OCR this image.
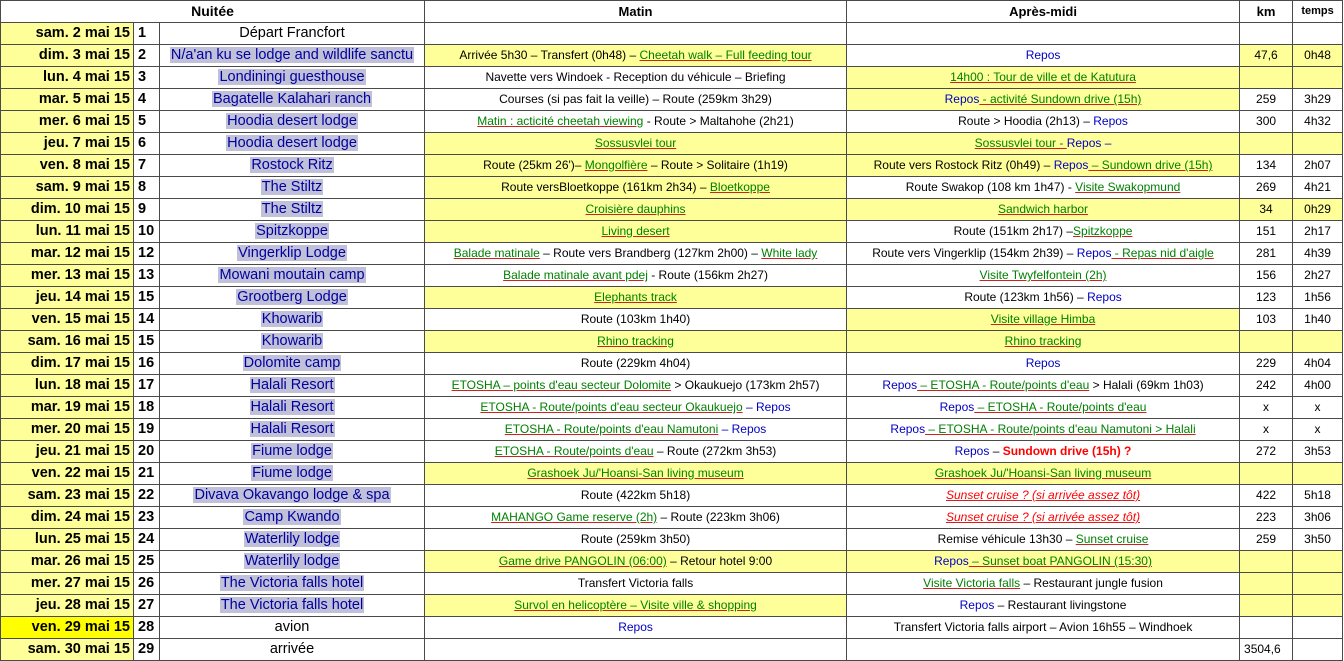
Nuitée			Matin	Après-midi	km	temps
sam. 2 mai 15	1	Départ Francfort				
dim. 3 mai 15	2	N/a'an ku se lodge and wildlife sanctu	Arrivée 5h30 – Transfert (0h48) – Cheetah walk – Full feeding tour	Repos	47,6	0h48
lun. 4 mai 15	3	Londiningi guesthouse	Navette vers Windoek - Reception du véhicule – Briefing	14h00 : Tour de ville et de Katutura		
mar. 5 mai 15	4	Bagatelle Kalahari ranch	Courses (si pas fait la veille) – Route (259km 3h29)	Repos - activité Sundown drive (15h)	259	3h29
mer. 6 mai 15	5	Hoodia desert lodge	Matin : acticité cheetah viewing - Route > Maltahohe (2h21)	Route > Hoodia (2h13) – Repos	300	4h32
jeu. 7 mai 15	6	Hoodia desert lodge	Sossusvlei tour	Sossusvlei tour - Repos –		
ven. 8 mai 15	7	Rostock Ritz	Route (25km 26')– Mongolfière – Route > Solitaire (1h19)	Route vers Rostock Ritz (0h49) – Repos – Sundown drive (15h)	134	2h07
sam. 9 mai 15	8	The Stiltz	Route versBloetkoppe (161km 2h34) – Bloetkoppe	Route Swakop (108 km 1h47) - Visite Swakopmund	269	4h21
dim. 10 mai 15	9	The Stiltz	Croisière dauphins	Sandwich harbor	34	0h29
lun. 11 mai 15	10	Spitzkoppe	Living desert	Route (151km 2h17) –Spitzkoppe	151	2h17
mar. 12 mai 15	12	Vingerklip Lodge	Balade matinale – Route vers Brandberg (127km 2h00) – White lady	Route vers Vingerklip (154km 2h39) – Repos - Repas nid d'aigle	281	4h39
mer. 13 mai 15	13	Mowani moutain camp	Balade matinale avant pdej - Route (156km 2h27)	Visite Twyfelfontein (2h)	156	2h27
jeu. 14 mai 15	15	Grootberg Lodge	Elephants track	Route (123km 1h56) – Repos	123	1h56
ven. 15 mai 15	14	Khowarib	Route (103km 1h40)	Visite village Himba	103	1h40
sam. 16 mai 15	15	Khowarib	Rhino tracking	Rhino tracking		
dim. 17 mai 15	16	Dolomite camp	Route (229km 4h04)	Repos	229	4h04
lun. 18 mai 15	17	Halali Resort	ETOSHA – points d'eau secteur Dolomite > Okaukuejo (173km 2h57)	Repos – ETOSHA - Route/points d'eau > Halali (69km 1h03)	242	4h00
mar. 19 mai 15	18	Halali Resort	ETOSHA - Route/points d'eau secteur Okaukuejo – Repos	Repos – ETOSHA - Route/points d'eau	x	x
mer. 20 mai 15	19	Halali Resort	ETOSHA - Route/points d'eau Namutoni – Repos	Repos – ETOSHA - Route/points d'eau Namutoni > Halali	x	x
jeu. 21 mai 15	20	Fiume lodge	ETOSHA - Route/points d'eau – Route (272km 3h53)	Repos – Sundown drive (15h) ?	272	3h53
ven. 22 mai 15	21	Fiume lodge	Grashoek Ju/'Hoansi-San living museum	Grashoek Ju/'Hoansi-San living museum		
sam. 23 mai 15	22	Divava Okavango lodge & spa	Route (422km 5h18)	Sunset cruise ? (si arrivée assez tôt)	422	5h18
dim. 24 mai 15	23	Camp Kwando	MAHANGO Game reserve (2h) – Route (223km 3h06)	Sunset cruise ? (si arrivée assez tôt)	223	3h06
lun. 25 mai 15	24	Waterlily lodge	Route (259km 3h50)	Remise véhicule 13h30 – Sunset cruise	259	3h50
mar. 26 mai 15	25	Waterlily lodge	Game drive PANGOLIN (06:00) – Retour hotel 9:00	Repos – Sunset boat PANGOLIN (15:30)		
mer. 27 mai 15	26	The Victoria falls hotel	Transfert Victoria falls	Visite Victoria falls – Restaurant jungle fusion		
jeu. 28 mai 15	27	The Victoria falls hotel	Survol en helicoptère – Visite ville & shopping	Repos – Restaurant livingstone		
ven. 29 mai 15	28	avion	Repos	Transfert Victoria falls airport – Avion 16h55 – Windhoek		
sam. 30 mai 15	29	arrivée			3504,6	
